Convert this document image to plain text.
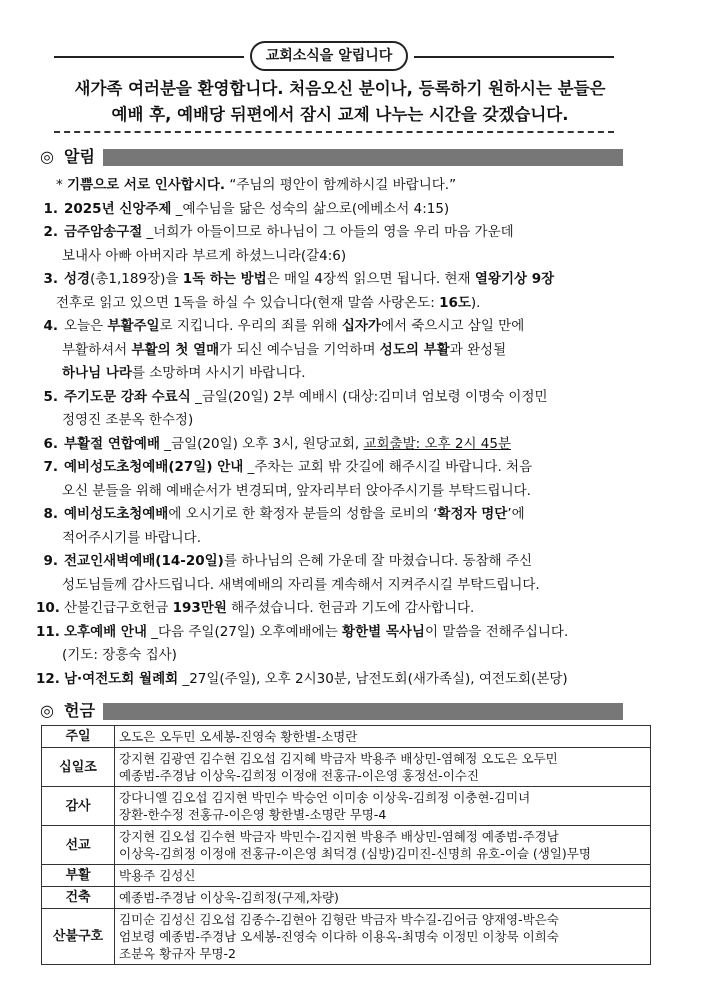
교회소식을 알립니다
새가족 여러분을 환영합니다. 처음오신 분이나, 등록하기 원하시는 분들은
예배 후, 예배당 뒤편에서 잠시 교제 나누는 시간을 갖겠습니다.
◎ 알림
* 기쁨으로 서로 인사합시다. “주님의 평안이 함께하시길 바랍니다.”
1. 2025년 신앙주제 _예수님을 닮은 성숙의 삶으로(에베소서 4:15)
2. 금주암송구절 _너희가 아들이므로 하나님이 그 아들의 영을 우리 마음 가운데
보내사 아빠 아버지라 부르게 하셨느니라(갈4:6)
3. 성경(총1,189장)을 1독 하는 방법은 매일 4장씩 읽으면 됩니다. 현재 열왕기상 9장
전후로 읽고 있으면 1독을 하실 수 있습니다(현재 말씀 사랑온도: 16도).
4. 오늘은 부활주일로 지킵니다. 우리의 죄를 위해 십자가에서 죽으시고 삼일 만에
부활하셔서 부활의 첫 열매가 되신 예수님을 기억하며 성도의 부활과 완성될
하나님 나라를 소망하며 사시기 바랍니다.
5. 주기도문 강좌 수료식 _금일(20일) 2부 예배시 (대상:김미녀 엄보령 이명숙 이정민
정영진 조분옥 한수정)
6. 부활절 연합예배 _금일(20일) 오후 3시, 원당교회, 교회출발: 오후 2시 45분
7. 예비성도초청예배(27일) 안내 _주차는 교회 밖 갓길에 해주시길 바랍니다. 처음
오신 분들을 위해 예배순서가 변경되며, 앞자리부터 앉아주시기를 부탁드립니다.
8. 예비성도초청예배에 오시기로 한 확정자 분들의 성함을 로비의 ‘확정자 명단’에
적어주시기를 바랍니다.
9. 전교인새벽예배(14-20일)를 하나님의 은혜 가운데 잘 마쳤습니다. 동참해 주신
성도님들께 감사드립니다. 새벽예배의 자리를 계속해서 지켜주시길 부탁드립니다.
10. 산불긴급구호헌금 193만원 해주셨습니다. 헌금과 기도에 감사합니다.
11. 오후예배 안내 _다음 주일(27일) 오후예배에는 황한별 목사님이 말씀을 전해주십니다.
(기도: 장흥숙 집사)
12. 남·여전도회 월례회 _27일(주일), 오후 2시30분, 남전도회(새가족실), 여전도회(본당)
◎ 헌금
주일	오도은 오두민 오세봉-진영숙 황한별-소명란

십일조	강지현 김광연 김수현 김오섭 김지혜 박금자 박용주 배상민-염혜정 오도은 오두민
예종범-주경남 이상욱-김희정 이정애 전홍규-이은영 홍정선-이수진

감사	강다니엘 김오섭 김지현 박민수 박승언 이미송 이상욱-김희정 이충현-김미녀
장환-한수정 전홍규-이은영 황한별-소명란 무명-4

선교	강지현 김오섭 김수현 박금자 박민수-김지현 박용주 배상민-염혜정 예종범-주경남
이상욱-김희정 이정애 전홍규-이은영 최덕경 (심방)김미진-신명희 유호-이슬 (생일)무명

부활	박용주 김성신

건축	예종범-주경남 이상욱-김희정(구제,차량)

산불구호	김미순 김성신 김오섭 김종수-김현아 김형란 박금자 박수길-김어금 양재영-박은숙
엄보령 예종범-주경남 오세봉-진영숙 이다하 이용옥-최명숙 이정민 이창묵 이희숙
조분옥 황규자 무명-2
